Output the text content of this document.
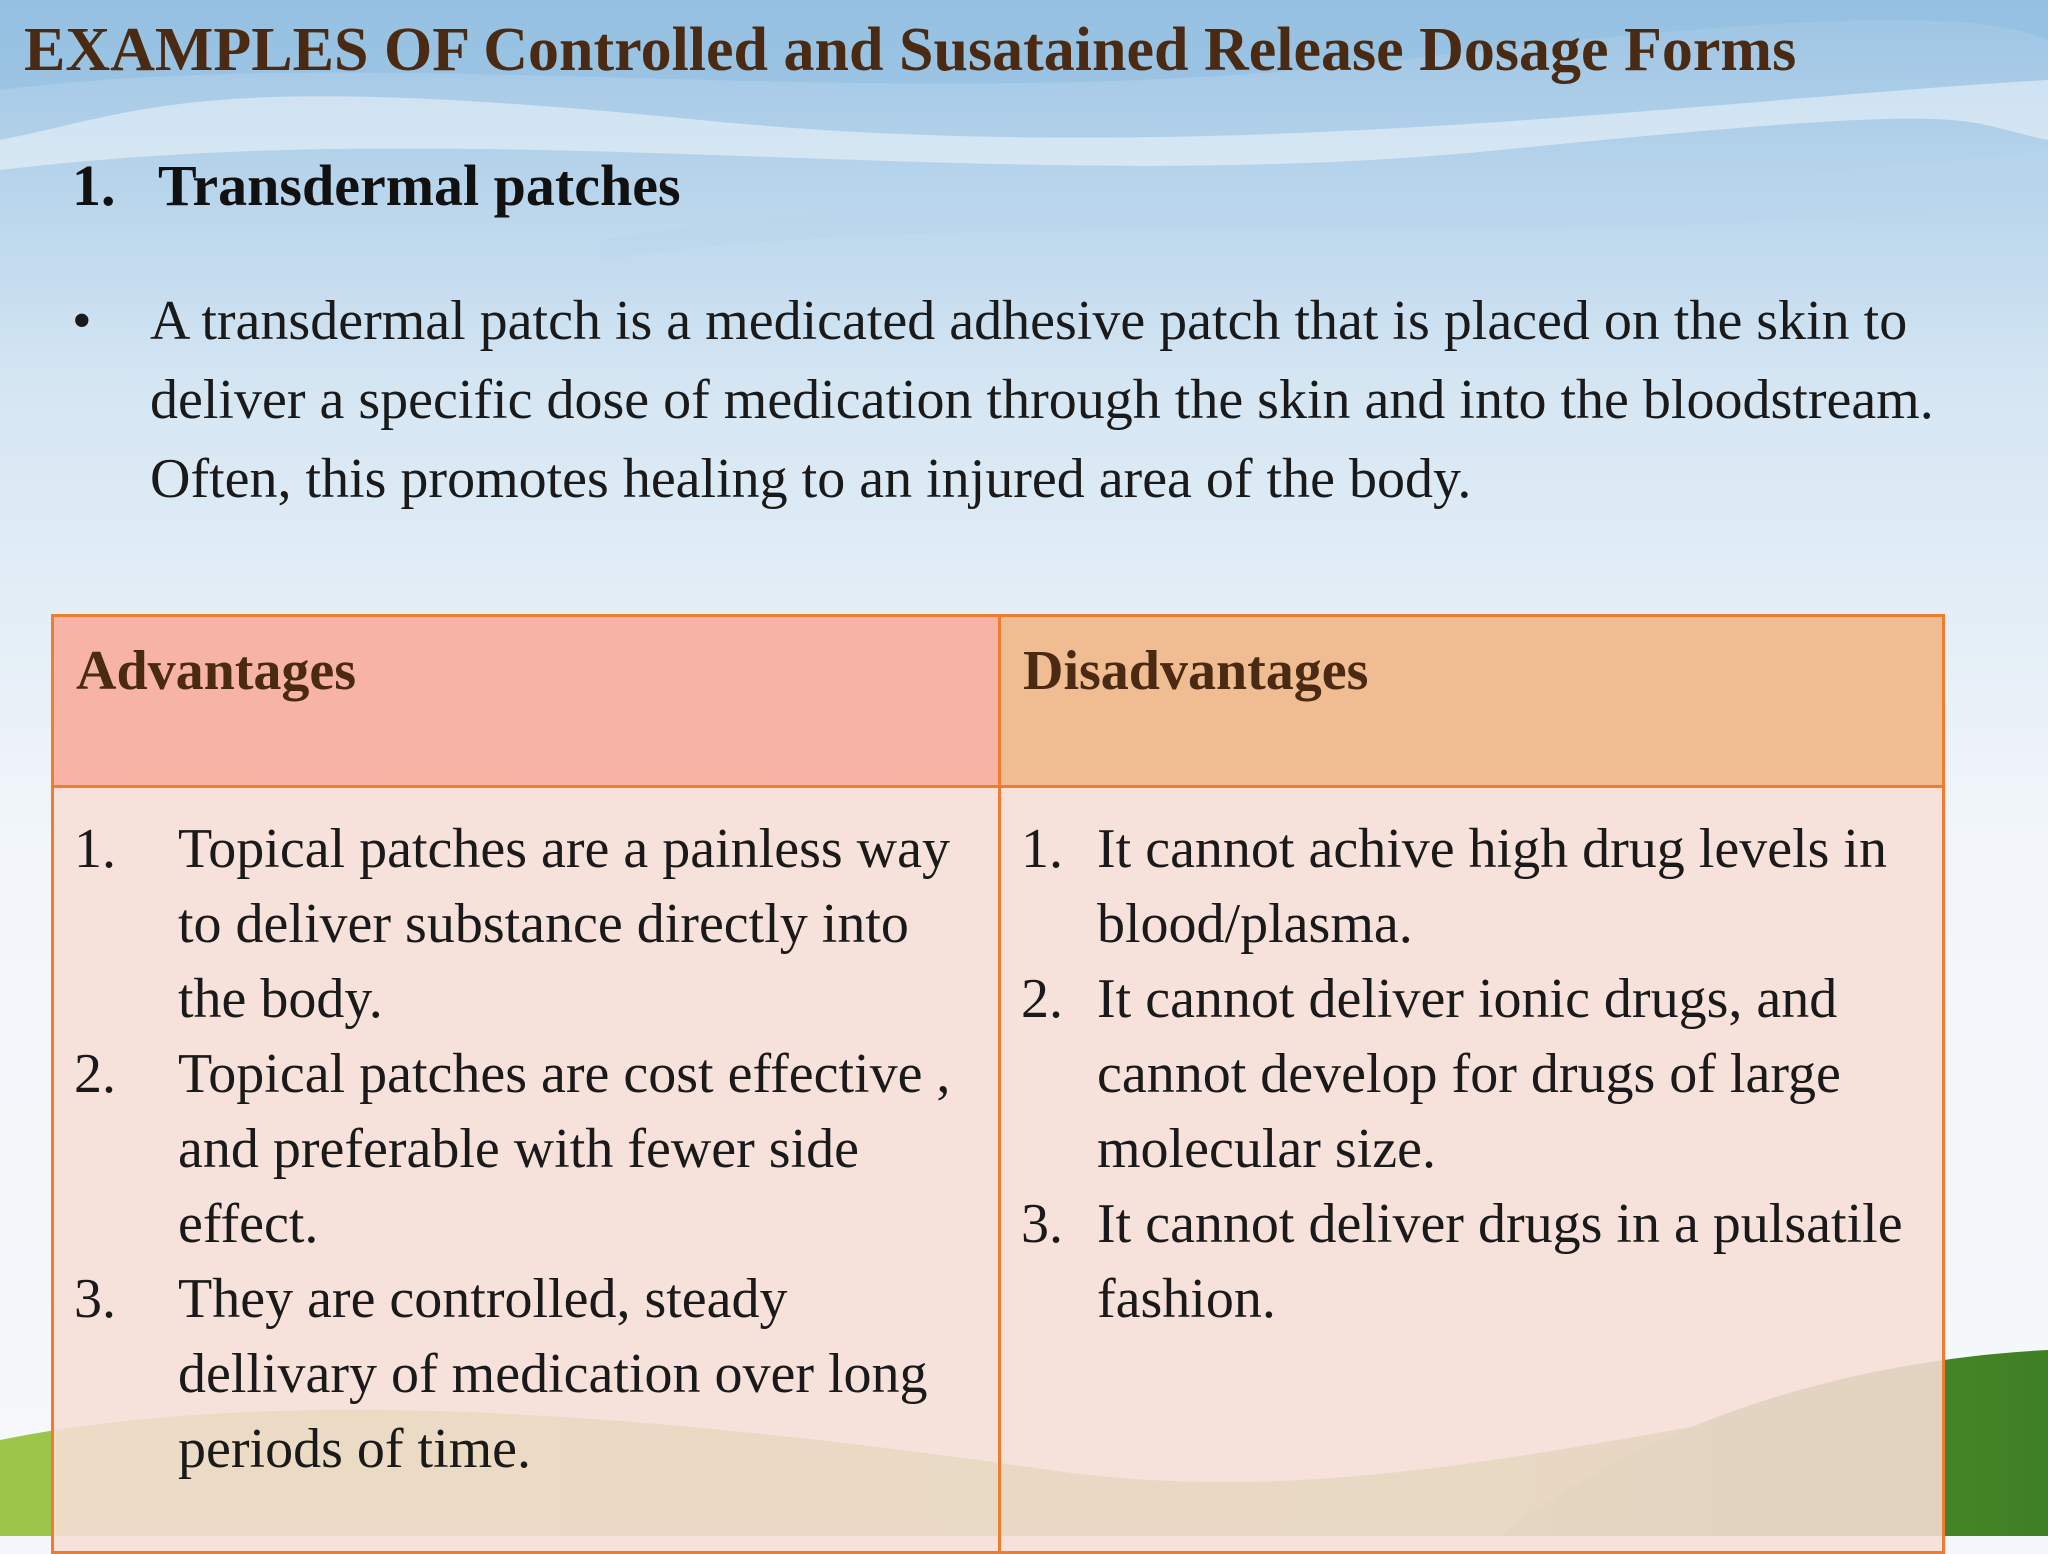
EXAMPLES OF Controlled and Susatained Release Dosage Forms
1. Transdermal patches
•	A transdermal patch is a medicated adhesive patch that is placed on the skin to deliver a specific dose of medication through the skin and into the bloodstream. Often, this promotes healing to an injured area of the body.
Advantages	Disadvantages
1. Topical patches are a painless way to deliver substance directly into the body.
2. Topical patches are cost effective , and preferable with fewer side effect.
3. They are controlled, steady dellivary of medication over long periods of time.
1. It cannot achive high drug levels in blood/plasma.
2. It cannot deliver ionic drugs, and cannot develop for drugs of large molecular size.
3. It cannot deliver drugs in a pulsatile fashion.
